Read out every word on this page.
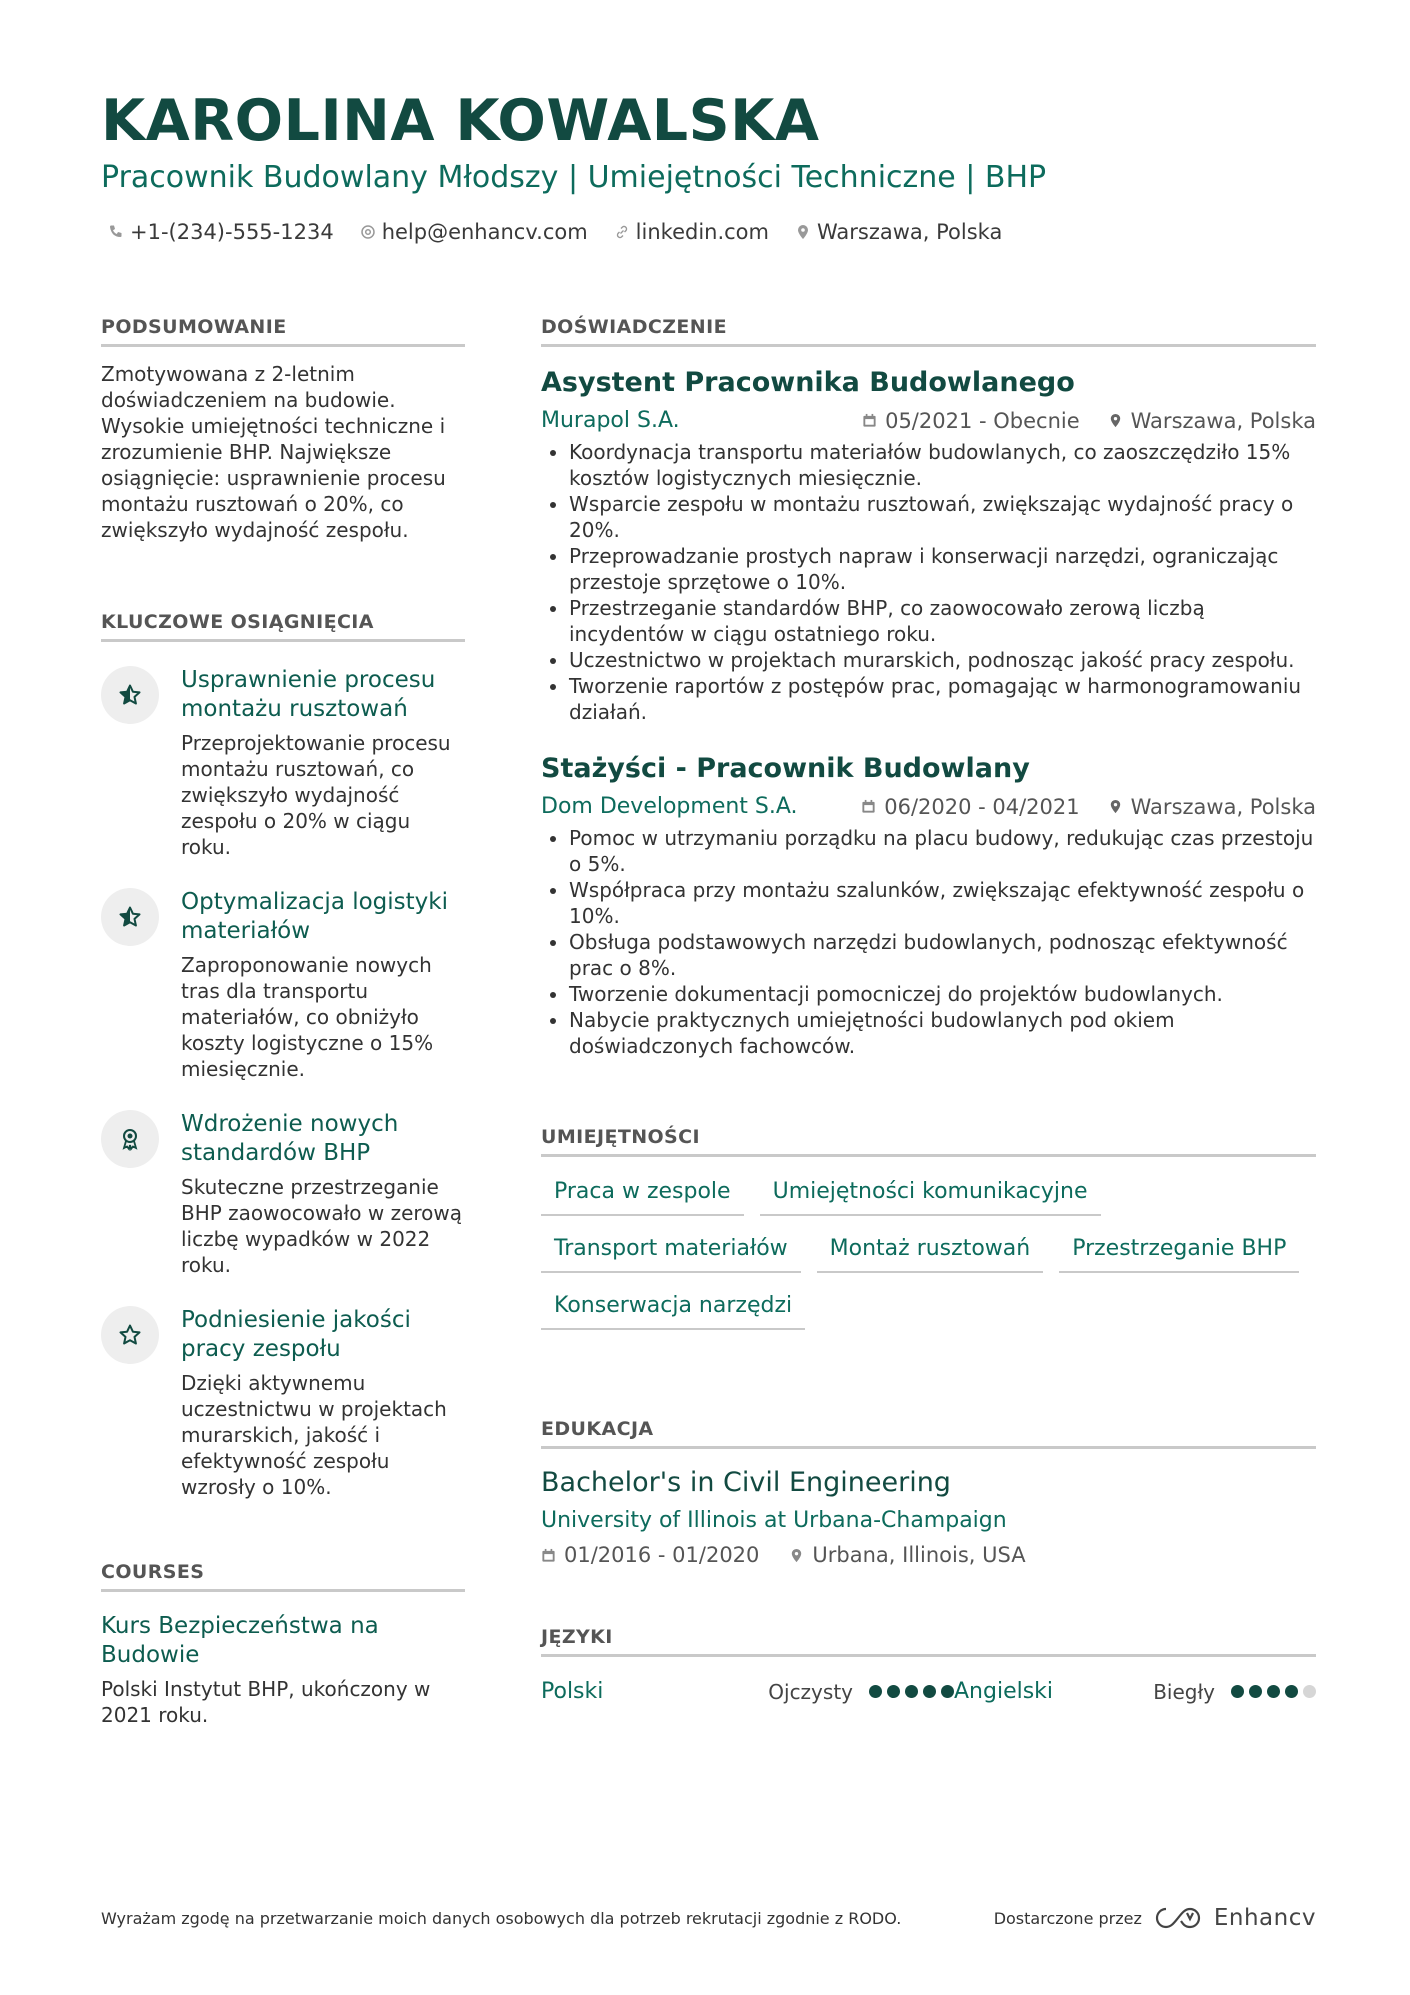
KAROLINA KOWALSKA

Pracownik Budowlany Młodszy | Umiejętności Techniczne | BHP

+1-(234)-555-1234 help@enhancv.com linkedin.com Warszawa, Polska
PODSUMOWANIE
Zmotywowana z 2-letnim doświadczeniem na budowie. Wysokie umiejętności techniczne i zrozumienie BHP. Największe osiągnięcie: usprawnienie procesu montażu rusztowań o 20%, co zwiększyło wydajność zespołu.
KLUCZOWE OSIĄGNIĘCIA
Usprawnienie procesu montażu rusztowań
Przeprojektowanie procesu montażu rusztowań, co zwiększyło wydajność zespołu o 20% w ciągu roku.
Optymalizacja logistyki materiałów
Zaproponowanie nowych tras dla transportu materiałów, co obniżyło koszty logistyczne o 15% miesięcznie.
Wdrożenie nowych standardów BHP
Skuteczne przestrzeganie BHP zaowocowało w zerową liczbę wypadków w 2022 roku.
Podniesienie jakości pracy zespołu
Dzięki aktywnemu uczestnictwu w projektach murarskich, jakość i efektywność zespołu wzrosły o 10%.
COURSES
Kurs Bezpieczeństwa na Budowie
Polski Instytut BHP, ukończony w 2021 roku.
DOŚWIADCZENIE
Asystent Pracownika Budowlanego
Murapol S.A.	05/2021 - Obecnie Warszawa, Polska
• Koordynacja transportu materiałów budowlanych, co zaoszczędziło 15% kosztów logistycznych miesięcznie.
• Wsparcie zespołu w montażu rusztowań, zwiększając wydajność pracy o 20%.
• Przeprowadzanie prostych napraw i konserwacji narzędzi, ograniczając przestoje sprzętowe o 10%.
• Przestrzeganie standardów BHP, co zaowocowało zerową liczbą incydentów w ciągu ostatniego roku.
• Uczestnictwo w projektach murarskich, podnosząc jakość pracy zespołu.
• Tworzenie raportów z postępów prac, pomagając w harmonogramowaniu działań.
Stażyści - Pracownik Budowlany
Dom Development S.A.	06/2020 - 04/2021 Warszawa, Polska
• Pomoc w utrzymaniu porządku na placu budowy, redukując czas przestoju o 5%.
• Współpraca przy montażu szalunków, zwiększając efektywność zespołu o 10%.
• Obsługa podstawowych narzędzi budowlanych, podnosząc efektywność prac o 8%.
• Tworzenie dokumentacji pomocniczej do projektów budowlanych.
• Nabycie praktycznych umiejętności budowlanych pod okiem doświadczonych fachowców.
UMIEJĘTNOŚCI
Praca w zespole	Umiejętności komunikacyjne
Transport materiałów	Montaż rusztowań	Przestrzeganie BHP
Konserwacja narzędzi
EDUKACJA
Bachelor's in Civil Engineering
University of Illinois at Urbana-Champaign
01/2016 - 01/2020	Urbana, Illinois, USA
JĘZYKI
Polski	Ojczysty	Angielski	Biegły
Wyrażam zgodę na przetwarzanie moich danych osobowych dla potrzeb rekrutacji zgodnie z RODO.	Dostarczone przez	Enhancv
